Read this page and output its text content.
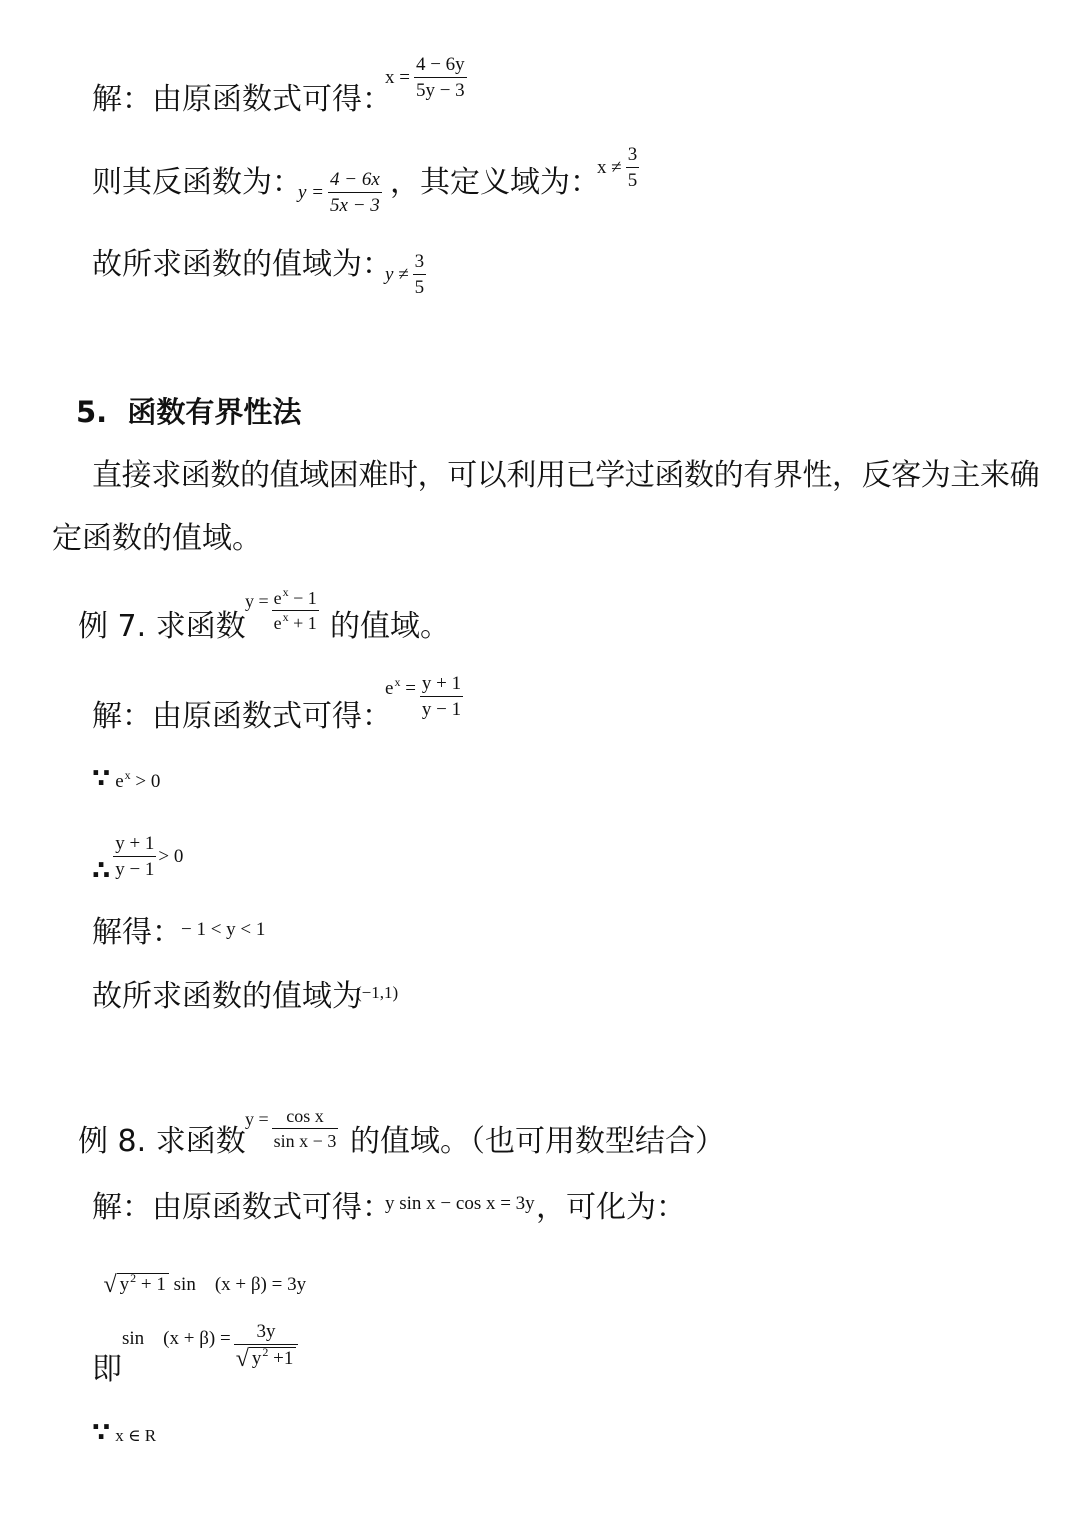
解：由原函数式可得：
$x = \frac{4 - 6y}{5y - 3}$
则其反函数为：
$y = \frac{4 - 6x}{5x - 3}$ ，其定义域为：
$x \ne \frac{3}{5}$
故所求函数的值域为：
$y \ne \frac{3}{5}$
5. 函数有界性法
直接求函数的值域困难时，可以利用已学过函数的有界性，反客为主来确
定函数的值域。
例 7. 求函数
$y = \frac{e^x - 1}{e^x + 1}$ 的值域。
解：由原函数式可得：
$e^x = \frac{y + 1}{y - 1}$
∵ $e^x > 0$
∴ $\frac{y + 1}{y - 1} > 0$
解得： − 1 < y < 1
故所求函数的值域为
(−1,1)
例 8. 求函数
$y = \frac{\text{cos x}}{\text{sin x − 3}}$ 的值域。（也可用数型结合）
解：由原函数式可得：
y sin x − cos x = 3y ，可化为：

√ $y^2 + 1$ sin    (x + β) = 3y

即
sin    $(x + \beta) = \frac{3y}{√ y^2 +1}$
∵ x ∈ R
